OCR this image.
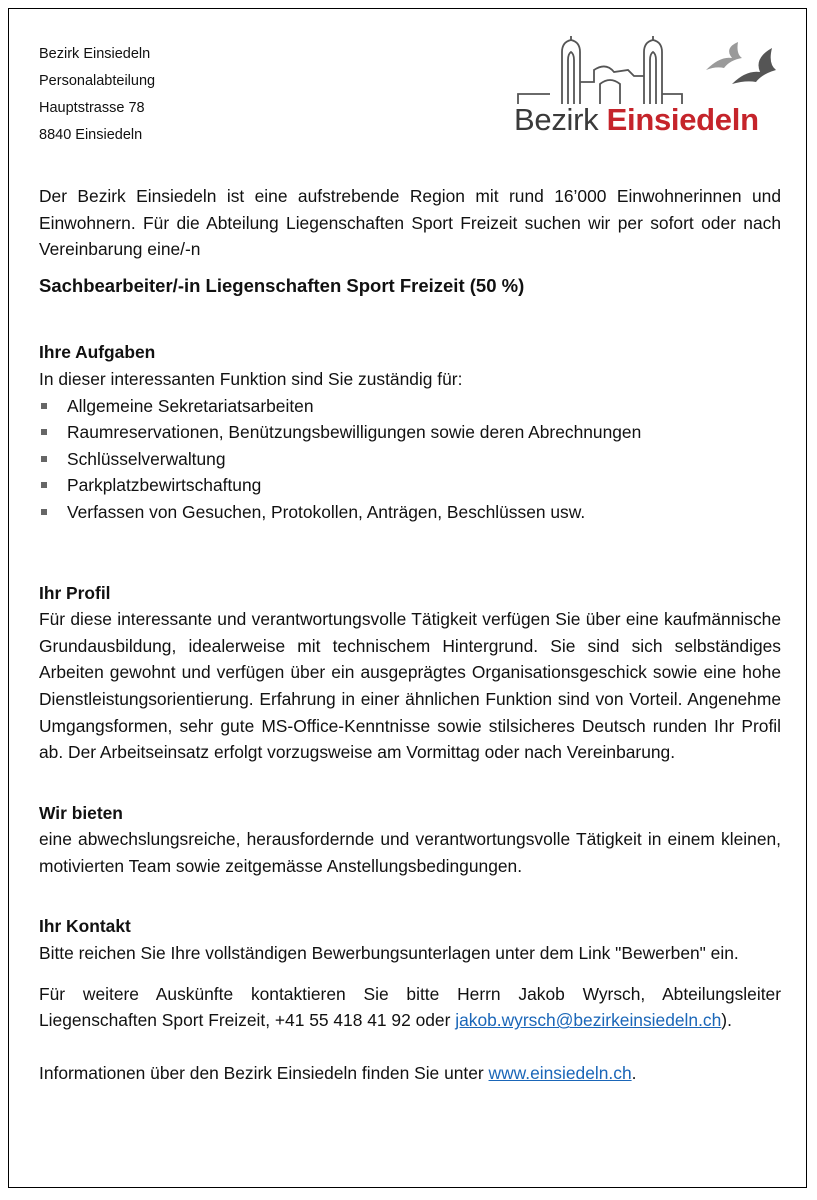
Bezirk Einsiedeln
Personalabteilung
Hauptstrasse 78
8840 Einsiedeln	Bezirk Einsiedeln

Der Bezirk Einsiedeln ist eine aufstrebende Region mit rund 16’000 Einwohnerinnen und Einwohnern. Für die Abteilung Liegenschaften Sport Freizeit suchen wir per sofort oder nach Vereinbarung eine/-n

Sachbearbeiter/-in Liegenschaften Sport Freizeit (50 %)

Ihre Aufgaben

In dieser interessanten Funktion sind Sie zuständig für:

Allgemeine Sekretariatsarbeiten
Raumreservationen, Benützungsbewilligungen sowie deren Abrechnungen
Schlüsselverwaltung
Parkplatzbewirtschaftung
Verfassen von Gesuchen, Protokollen, Anträgen, Beschlüssen usw.
Ihr Profil

Für diese interessante und verantwortungsvolle Tätigkeit verfügen Sie über eine kaufmännische Grundausbildung, idealerweise mit technischem Hintergrund. Sie sind sich selbständiges Arbeiten gewohnt und verfügen über ein ausgeprägtes Organisationsgeschick sowie eine hohe Dienstleistungsorientierung. Erfahrung in einer ähnlichen Funktion sind von Vorteil. Angenehme Umgangsformen, sehr gute MS-Office-Kenntnisse sowie stilsicheres Deutsch runden Ihr Profil ab. Der Arbeitseinsatz erfolgt vorzugsweise am Vormittag oder nach Vereinbarung.

Wir bieten

eine abwechslungsreiche, herausfordernde und verantwortungsvolle Tätigkeit in einem kleinen, motivierten Team sowie zeitgemässe Anstellungsbedingungen.

Ihr Kontakt

Bitte reichen Sie Ihre vollständigen Bewerbungsunterlagen unter dem Link "Bewerben" ein.

Für weitere Auskünfte kontaktieren Sie bitte Herrn Jakob Wyrsch, Abteilungsleiter Liegenschaften Sport Freizeit, +41 55 418 41 92 oder jakob.wyrsch@bezirkeinsiedeln.ch).

Informationen über den Bezirk Einsiedeln finden Sie unter www.einsiedeln.ch.
